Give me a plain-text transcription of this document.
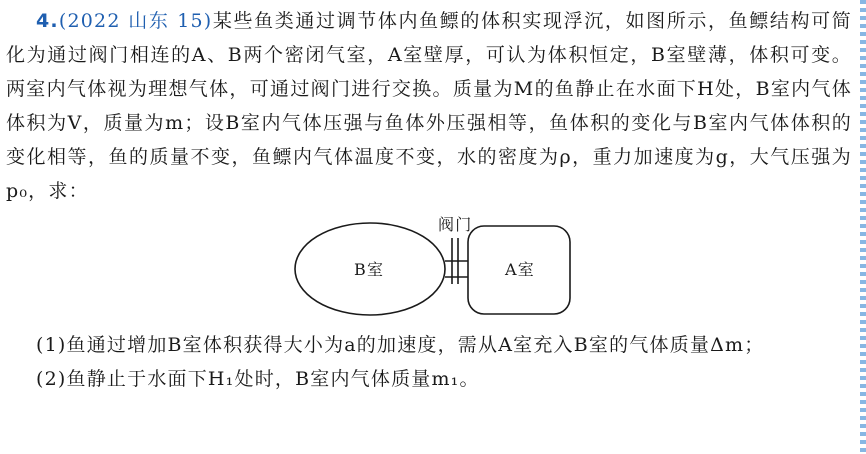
4.(2022 山东 15)某些鱼类通过调节体内鱼鳔的体积实现浮沉，如图所示，鱼鳔结构可简化为通过阀门相连的A、B两个密闭气室，A室壁厚，可认为体积恒定，B室壁薄，体积可变。两室内气体视为理想气体，可通过阀门进行交换。质量为M的鱼静止在水面下H处，B室内气体体积为V，质量为m；设B室内气体压强与鱼体外压强相等，鱼体积的变化与B室内气体体积的变化相等，鱼的质量不变，鱼鳔内气体温度不变，水的密度为ρ，重力加速度为g，大气压强为p₀，求：

阀门
B室	A室

(1)鱼通过增加B室体积获得大小为a的加速度，需从A室充入B室的气体质量Δm；

(2)鱼静止于水面下H₁处时，B室内气体质量m₁。
